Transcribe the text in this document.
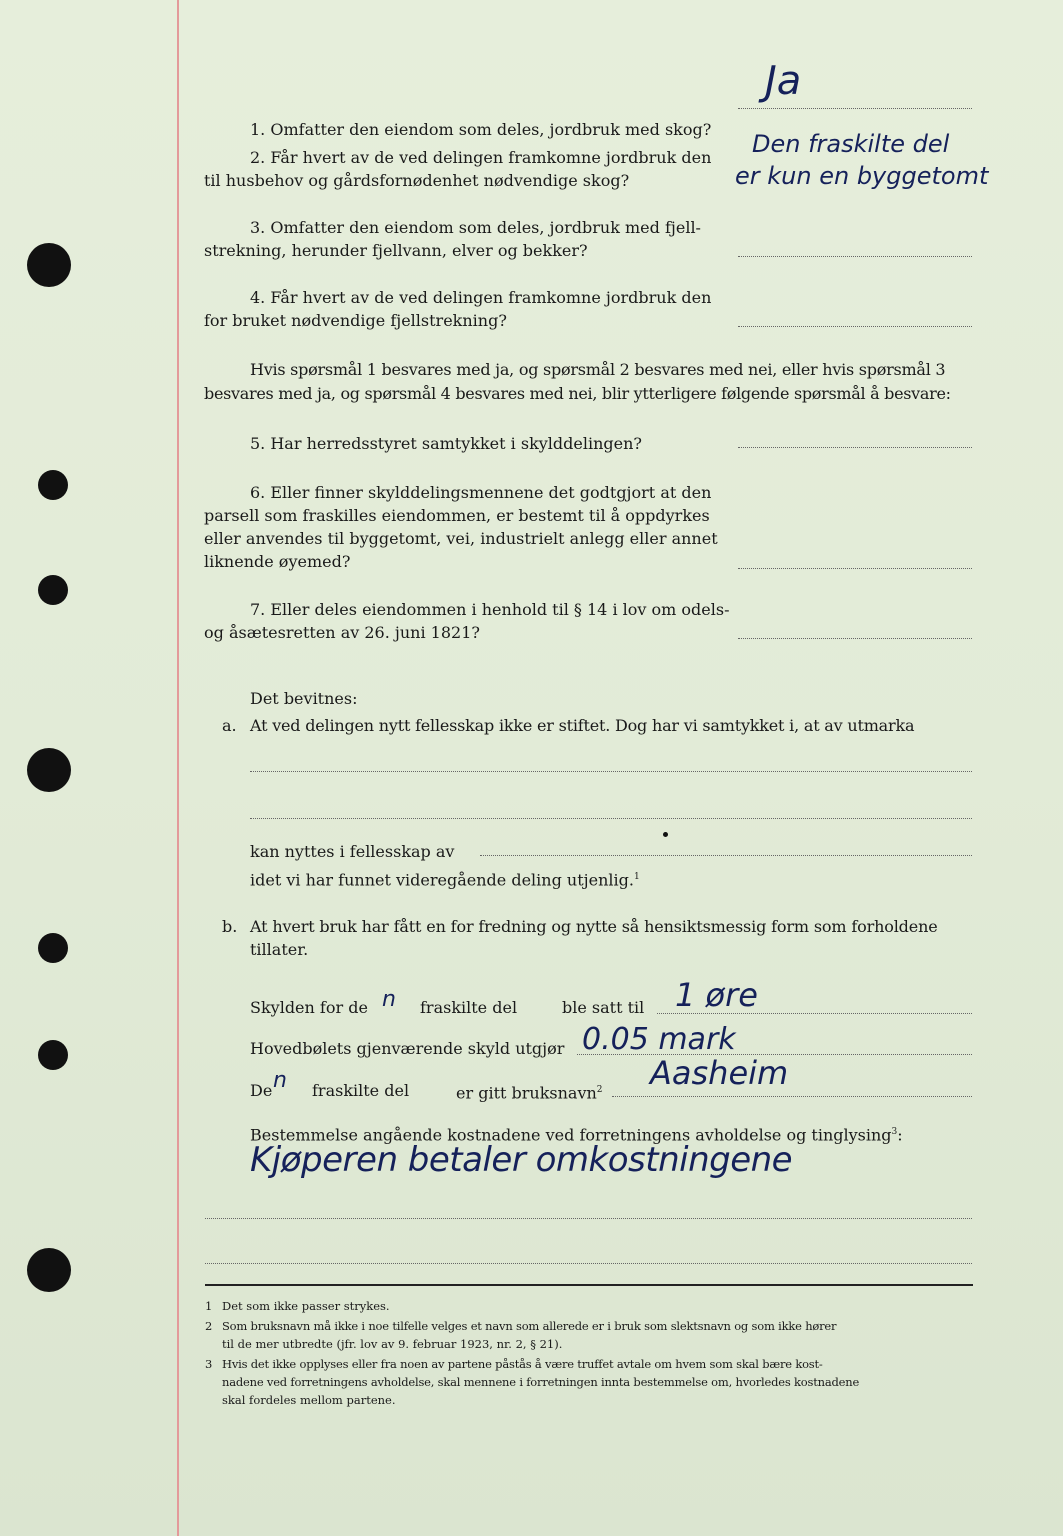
1. Omfatter den eiendom som deles, jordbruk med skog?
Ja
2. Får hvert av de ved delingen framkomne jordbruk den
til husbehov og gårdsfornødenhet nødvendige skog?
Den fraskilte del
er kun en byggetomt
3. Omfatter den eiendom som deles, jordbruk med fjell-
strekning, herunder fjellvann, elver og bekker?
4. Får hvert av de ved delingen framkomne jordbruk den
for bruket nødvendige fjellstrekning?
Hvis spørsmål 1 besvares med ja, og spørsmål 2 besvares med nei, eller hvis spørsmål 3
besvares med ja, og spørsmål 4 besvares med nei, blir ytterligere følgende spørsmål å besvare:
5. Har herredsstyret samtykket i skylddelingen?
6. Eller finner skylddelingsmennene det godtgjort at den
parsell som fraskilles eiendommen, er bestemt til å oppdyrkes
eller anvendes til byggetomt, vei, industrielt anlegg eller annet
liknende øyemed?
7. Eller deles eiendommen i henhold til § 14 i lov om odels-
og åsætesretten av 26. juni 1821?
Det bevitnes:
a. At ved delingen nytt fellesskap ikke er stiftet. Dog har vi samtykket i, at av utmarka
kan nyttes i fellesskap av
idet vi har funnet videregående deling utjenlig.$^1$
b. At hvert bruk har fått en for fredning og nytte så hensiktsmessig form som forholdene
tillater.
Skylden for de n fraskilte del	ble satt til 1 øre
Hovedbølets gjenværende skyld utgjør 0.05 mark
De n fraskilte del	er gitt bruksnavn$^2$ Aasheim
Bestemmelse angående kostnadene ved forretningens avholdelse og tinglysing$^3$:
Kjøperen betaler omkostningene
1 Det som ikke passer strykes.
2 Som bruksnavn må ikke i noe tilfelle velges et navn som allerede er i bruk som slektsnavn og som ikke hører
til de mer utbredte (jfr. lov av 9. februar 1923, nr. 2, § 21).
3 Hvis det ikke opplyses eller fra noen av partene påstås å være truffet avtale om hvem som skal bære kost-
nadene ved forretningens avholdelse, skal mennene i forretningen innta bestemmelse om, hvorledes kostnadene
skal fordeles mellom partene.
